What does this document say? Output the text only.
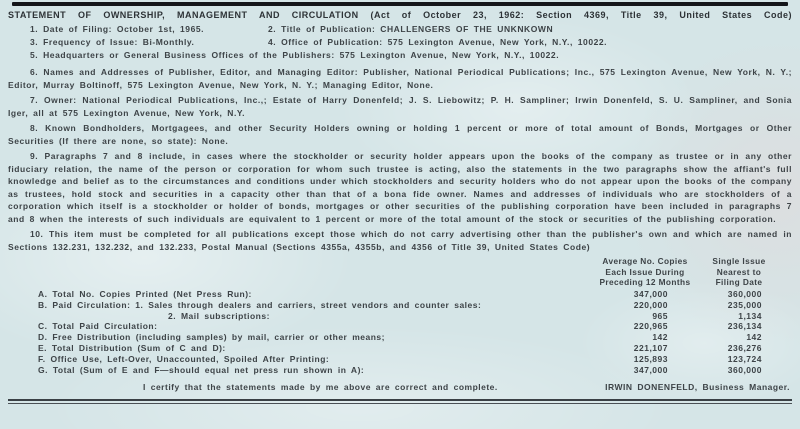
STATEMENT OF OWNERSHIP, MANAGEMENT AND CIRCULATION (Act of October 23, 1962: Section 4369, Title 39, United States Code)
1. Date of Filing: October 1st, 1965.	2. Title of Publication: CHALLENGERS OF THE UNKNKOWN
3. Frequency of Issue: Bi-Monthly.	4. Office of Publication: 575 Lexington Avenue, New York, N.Y., 10022.
5. Headquarters or General Business Offices of the Publishers: 575 Lexington Avenue, New York, N.Y., 10022.

6. Names and Addresses of Publisher, Editor, and Managing Editor: Publisher, National Periodical Publications; Inc., 575 Lexington Avenue, New York, N. Y.; Editor, Murray Boltinoff, 575 Lexington Avenue, New York, N. Y.; Managing Editor, None.

7. Owner: National Periodical Publications, Inc.,; Estate of Harry Donenfeld; J. S. Liebowitz; P. H. Sampliner; Irwin Donenfeld, S. U. Sampliner, and Sonia Iger, all at 575 Lexington Avenue, New York, N.Y.

8. Known Bondholders, Mortgagees, and other Security Holders owning or holding 1 percent or more of total amount of Bonds, Mortgages or Other Securities (If there are none, so state): None.

9. Paragraphs 7 and 8 include, in cases where the stockholder or security holder appears upon the books of the company as trustee or in any other fiduciary relation, the name of the person or corporation for whom such trustee is acting, also the statements in the two paragraphs show the affiant's full knowledge and belief as to the circumstances and conditions under which stockholders and security holders who do not appear upon the books of the company as trustees, hold stock and securities in a capacity other than that of a bona fide owner. Names and addresses of individuals who are stockholders of a corporation which itself is a stockholder or holder of bonds, mortgages or other securities of the publishing corporation have been included in paragraphs 7 and 8 when the interests of such individuals are equivalent to 1 percent or more of the total amount of the stock or securities of the publishing corporation.

10. This item must be completed for all publications except those which do not carry advertising other than the publisher's own and which are named in Sections 132.231, 132.232, and 132.233, Postal Manual (Sections 4355a, 4355b, and 4356 of Title 39, United States Code)

Average No. Copies
Each Issue During
Preceding 12 Months
Single Issue
Nearest to
Filing Date
A. Total No. Copies Printed (Net Press Run):	347,000	360,000
B. Paid Circulation: 1. Sales through dealers and carriers, street vendors and counter sales:	220,000	235,000
2. Mail subscriptions:	965	1,134
C. Total Paid Circulation:	220,965	236,134
D. Free Distribution (including samples) by mail, carrier or other means;	142	142
E. Total Distribution (Sum of C and D):	221,107	236,276
F. Office Use, Left-Over, Unaccounted, Spoiled After Printing:	125,893	123,724
G. Total (Sum of E and F—should equal net press run shown in A):	347,000	360,000
I certify that the statements made by me above are correct and complete.	IRWIN DONENFELD, Business Manager.
